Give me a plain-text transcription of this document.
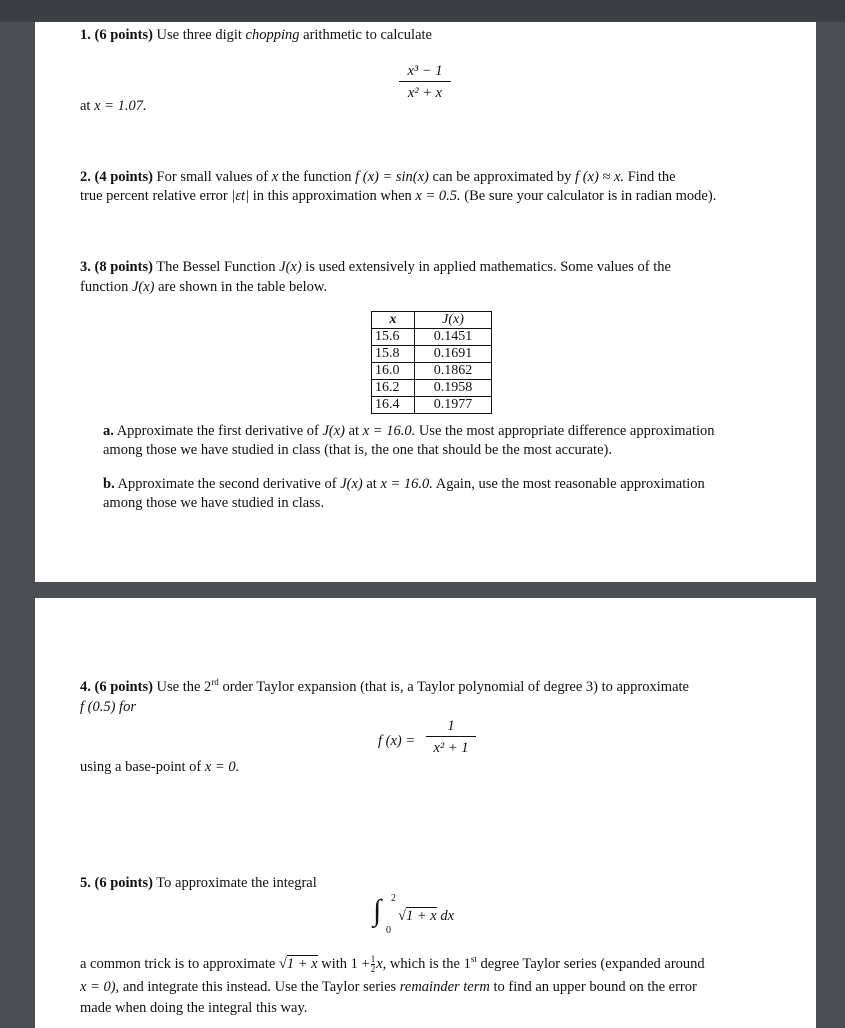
1. (6 points) Use three digit chopping arithmetic to calculate
x³ − 1
x² + x
at x = 1.07.
2. (4 points) For small values of x the function f (x) = sin(x) can be approximated by f (x) ≈ x. Find the
true percent relative error |εt| in this approximation when x = 0.5. (Be sure your calculator is in radian mode).
3. (8 points) The Bessel Function J(x) is used extensively in applied mathematics. Some values of the
function J(x) are shown in the table below.
x	J(x)
15.6	0.1451
15.8	0.1691
16.0	0.1862
16.2	0.1958
16.4	0.1977
a. Approximate the first derivative of J(x) at x = 16.0. Use the most appropriate difference approximation
among those we have studied in class (that is, the one that should be the most accurate).
b. Approximate the second derivative of J(x) at x = 16.0. Again, use the most reasonable approximation
among those we have studied in class.
4. (6 points) Use the 2rd order Taylor expansion (that is, a Taylor polynomial of degree 3) to approximate
f (0.5) for
f (x) =
1
x² + 1
using a base-point of x = 0.
5. (6 points) To approximate the integral
∫ 2
0
√1 + x dx
a common trick is to approximate √1 + x with $1 + \frac{1}{2} x$, which is the 1st degree Taylor series (expanded around
x = 0), and integrate this instead. Use the Taylor series remainder term to find an upper bound on the error
made when doing the integral this way.
